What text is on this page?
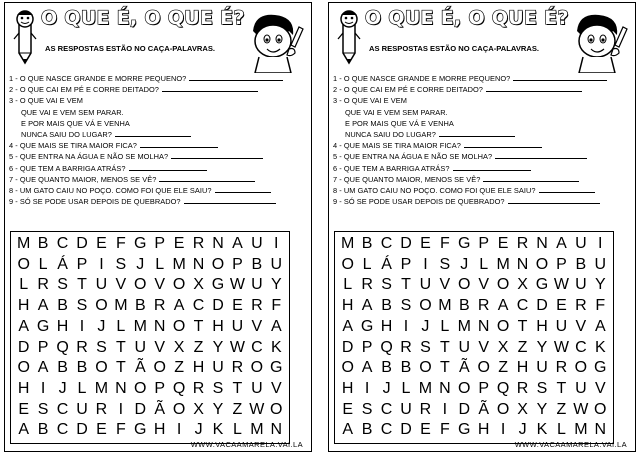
O QUE É, O QUE É?
AS RESPOSTAS ESTÃO NO CAÇA-PALAVRAS.
1 - O QUE NASCE GRANDE E MORRE PEQUENO?
2 - O QUE CAI EM PÉ E CORRE DEITADO?
3 - O QUE VAI E VEM
QUE VAI E VEM SEM PARAR.
E POR MAIS QUE VÁ E VENHA
NUNCA SAIU DO LUGAR?
4 - QUE MAIS SE TIRA MAIOR FICA?
5 - QUE ENTRA NA ÁGUA E NÃO SE MOLHA?
6 - QUE TEM A BARRIGA ATRÁS?
7 - QUE QUANTO MAIOR, MENOS SE VÊ?
8 - UM GATO CAIU NO POÇO. COMO FOI QUE ELE SAIU?
9 - SÓ SE PODE USAR DEPOIS DE QUEBRADO?
M B C D E F G P E R N A U I
O L Á P I S J L M N O P B U
L R S T U V O V O X G W U Y
H A B S O M B R A C D E R F
A G H I J L M N O T H U V A
D P Q R S T U V X Z Y W C K
O A B B O T Ã O Z H U R O G
H I J L M N O P Q R S T U V
E S C U R I D Ã O X Y Z W O
A B C D E F G H I J K L M N
WWW.VACAAMARELA.VAI.LA
O QUE É, O QUE É?
AS RESPOSTAS ESTÃO NO CAÇA-PALAVRAS.
1 - O QUE NASCE GRANDE E MORRE PEQUENO?
2 - O QUE CAI EM PÉ E CORRE DEITADO?
3 - O QUE VAI E VEM
QUE VAI E VEM SEM PARAR.
E POR MAIS QUE VÁ E VENHA
NUNCA SAIU DO LUGAR?
4 - QUE MAIS SE TIRA MAIOR FICA?
5 - QUE ENTRA NA ÁGUA E NÃO SE MOLHA?
6 - QUE TEM A BARRIGA ATRÁS?
7 - QUE QUANTO MAIOR, MENOS SE VÊ?
8 - UM GATO CAIU NO POÇO. COMO FOI QUE ELE SAIU?
9 - SÓ SE PODE USAR DEPOIS DE QUEBRADO?
M B C D E F G P E R N A U I
O L Á P I S J L M N O P B U
L R S T U V O V O X G W U Y
H A B S O M B R A C D E R F
A G H I J L M N O T H U V A
D P Q R S T U V X Z Y W C K
O A B B O T Ã O Z H U R O G
H I J L M N O P Q R S T U V
E S C U R I D Ã O X Y Z W O
A B C D E F G H I J K L M N
WWW.VACAAMARELA.VAI.LA
